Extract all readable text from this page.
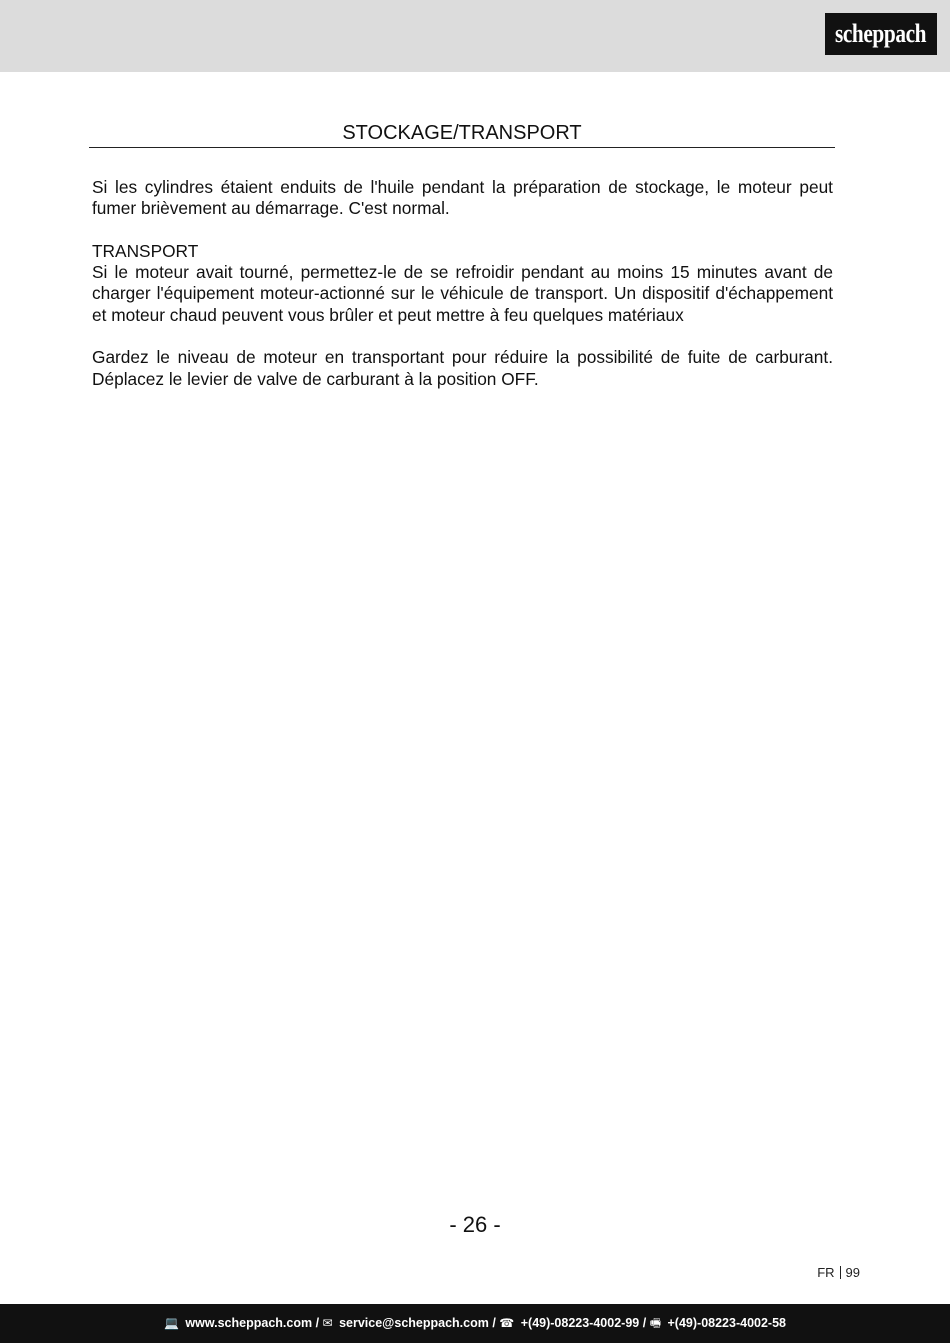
scheppach
STOCKAGE/TRANSPORT

Si les cylindres étaient enduits de l'huile pendant la préparation de stockage, le moteur peut fumer brièvement au démarrage. C'est normal.

TRANSPORT
Si le moteur avait tourné, permettez-le de se refroidir pendant au moins 15 minutes avant de charger l'équipement moteur-actionné sur le véhicule de transport. Un dispositif d'échappement et moteur chaud peuvent vous brûler et peut mettre à feu quelques matériaux

Gardez le niveau de moteur en transportant pour réduire la possibilité de fuite de carburant. Déplacez le levier de valve de carburant à la position OFF.

- 26 -
FR 99
💻 www.scheppach.com / ✉ service@scheppach.com / ☎ +(49)-08223-4002-99 / 🖷 +(49)-08223-4002-58
